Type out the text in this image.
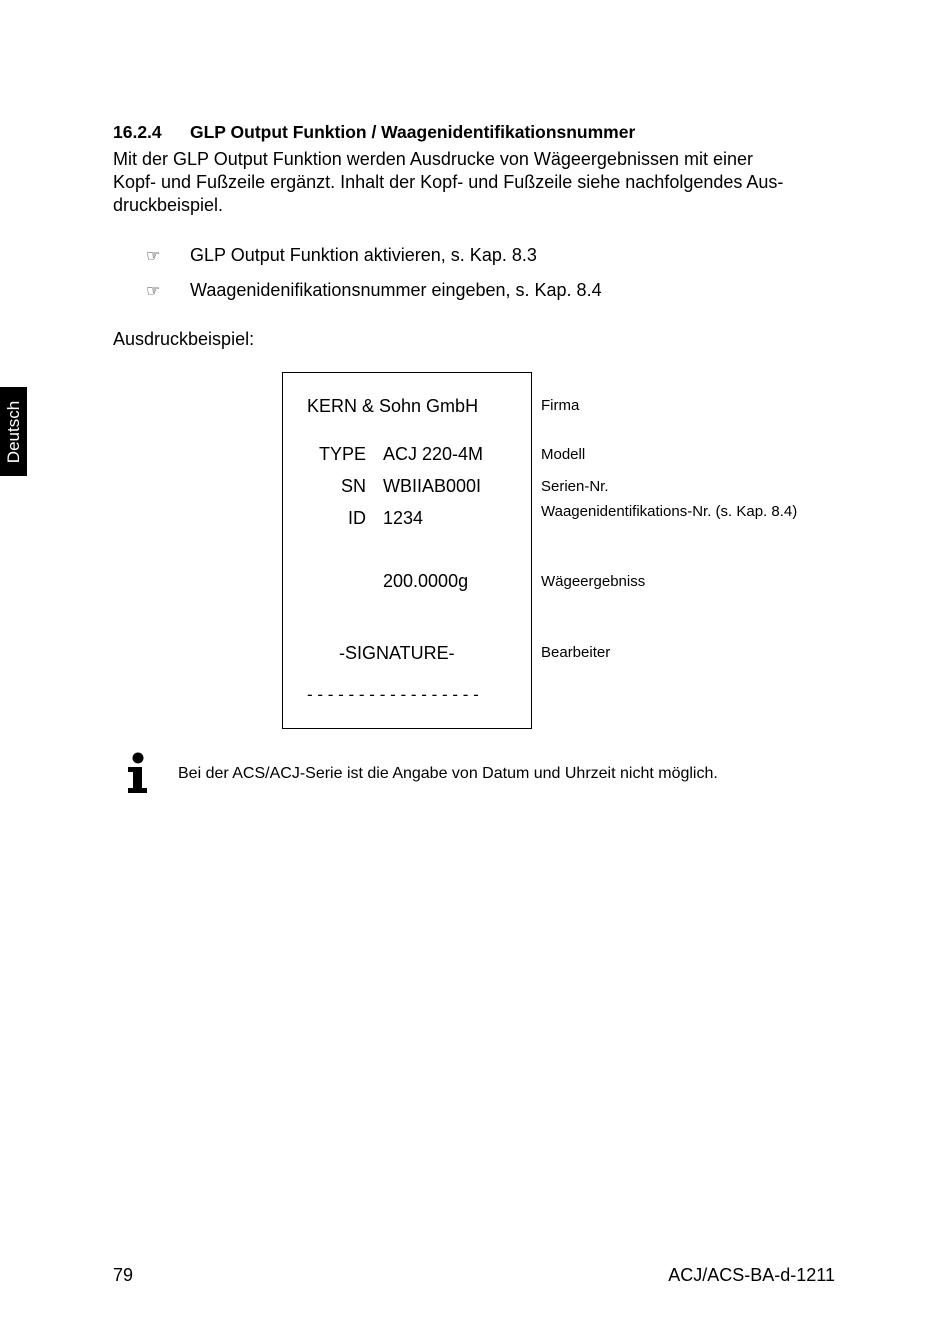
Deutsch
16.2.4 GLP Output Funktion / Waagenidentifikationsnummer
Mit der GLP Output Funktion werden Ausdrucke von Wägeergebnissen mit einer
Kopf- und Fußzeile ergänzt. Inhalt der Kopf- und Fußzeile siehe nachfolgendes Aus-
druckbeispiel.
☞ GLP Output Funktion aktivieren, s. Kap. 8.3
☞ Waagenidenifikationsnummer eingeben, s. Kap. 8.4
Ausdruckbeispiel:
KERN & Sohn GmbH
TYPE ACJ 220-4M
SN WBIIAB000I
ID 1234
200.0000g
-SIGNATURE-
- - - - - - - - - - - - - - - - -
Firma
Modell
Serien-Nr.
Waagenidentifikations-Nr. (s. Kap. 8.4)
Wägeergebniss
Bearbeiter
Bei der ACS/ACJ-Serie ist die Angabe von Datum und Uhrzeit nicht möglich.
79	ACJ/ACS-BA-d-1211
